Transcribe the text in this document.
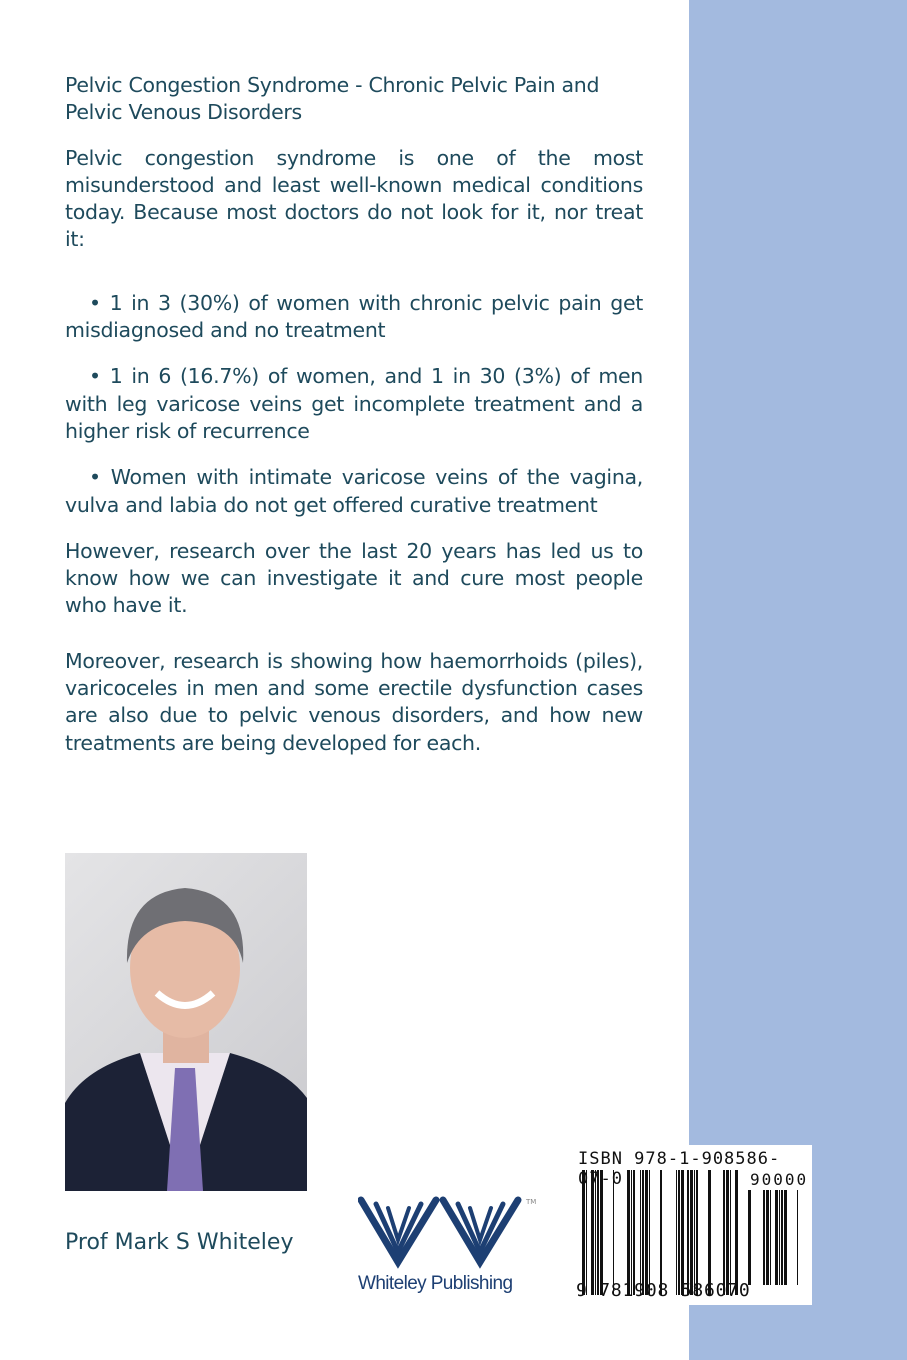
Pelvic Congestion Syndrome - Chronic Pelvic Pain and Pelvic Venous Disorders

Pelvic congestion syndrome is one of the most misunderstood and least well-known medical conditions today. Because most doctors do not look for it, nor treat it:

• 1 in 3 (30%) of women with chronic pelvic pain get misdiagnosed and no treatment

• 1 in 6 (16.7%) of women, and 1 in 30 (3%) of men with leg varicose veins get incomplete treatment and a higher risk of recurrence

• Women with intimate varicose veins of the vagina, vulva and labia do not get offered curative treatment

However, research over the last 20 years has led us to know how we can investigate it and cure most people who have it.

Moreover, research is showing how haemorrhoids (piles), varicoceles in men and some erectile dysfunction cases are also due to pelvic venous disorders, and how new treatments are being developed for each.

Prof Mark S Whiteley
TM
Whiteley Publishing
ISBN 978-1-908586-07-0	90000
9 781908 586070
